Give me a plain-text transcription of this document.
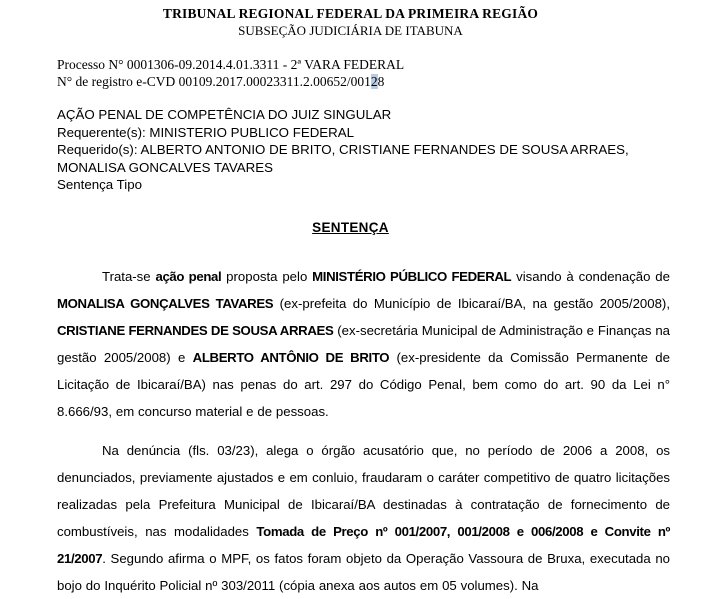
TRIBUNAL REGIONAL FEDERAL DA PRIMEIRA REGIÃO
SUBSEÇÃO JUDICIÁRIA DE ITABUNA
Processo N° 0001306-09.2014.4.01.3311 - 2ª VARA FEDERAL
N° de registro e-CVD 00109.2017.00023311.2.00652/00128
AÇÃO PENAL DE COMPETÊNCIA DO JUIZ SINGULAR
Requerente(s): MINISTERIO PUBLICO FEDERAL
Requerido(s): ALBERTO ANTONIO DE BRITO, CRISTIANE FERNANDES DE SOUSA ARRAES,
MONALISA GONCALVES TAVARES
Sentença Tipo
SENTENÇA

Trata-se ação penal proposta pelo MINISTÉRIO PÚBLICO FEDERAL visando à condenação de MONALISA GONÇALVES TAVARES (ex-prefeita do Município de Ibicaraí/BA, na gestão 2005/2008), CRISTIANE FERNANDES DE SOUSA ARRAES (ex-secretária Municipal de Administração e Finanças na gestão 2005/2008) e ALBERTO ANTÔNIO DE BRITO (ex-presidente da Comissão Permanente de Licitação de Ibicaraí/BA) nas penas do art. 297 do Código Penal, bem como do art. 90 da Lei n° 8.666/93, em concurso material e de pessoas.

Na denúncia (fls. 03/23), alega o órgão acusatório que, no período de 2006 a 2008, os denunciados, previamente ajustados e em conluio, fraudaram o caráter competitivo de quatro licitações realizadas pela Prefeitura Municipal de Ibicaraí/BA destinadas à contratação de fornecimento de combustíveis, nas modalidades Tomada de Preço nº 001/2007, 001/2008 e 006/2008 e Convite nº 21/2007. Segundo afirma o MPF, os fatos foram objeto da Operação Vassoura de Bruxa, executada no bojo do Inquérito Policial nº 303/2011 (cópia anexa aos autos em 05 volumes). Na
